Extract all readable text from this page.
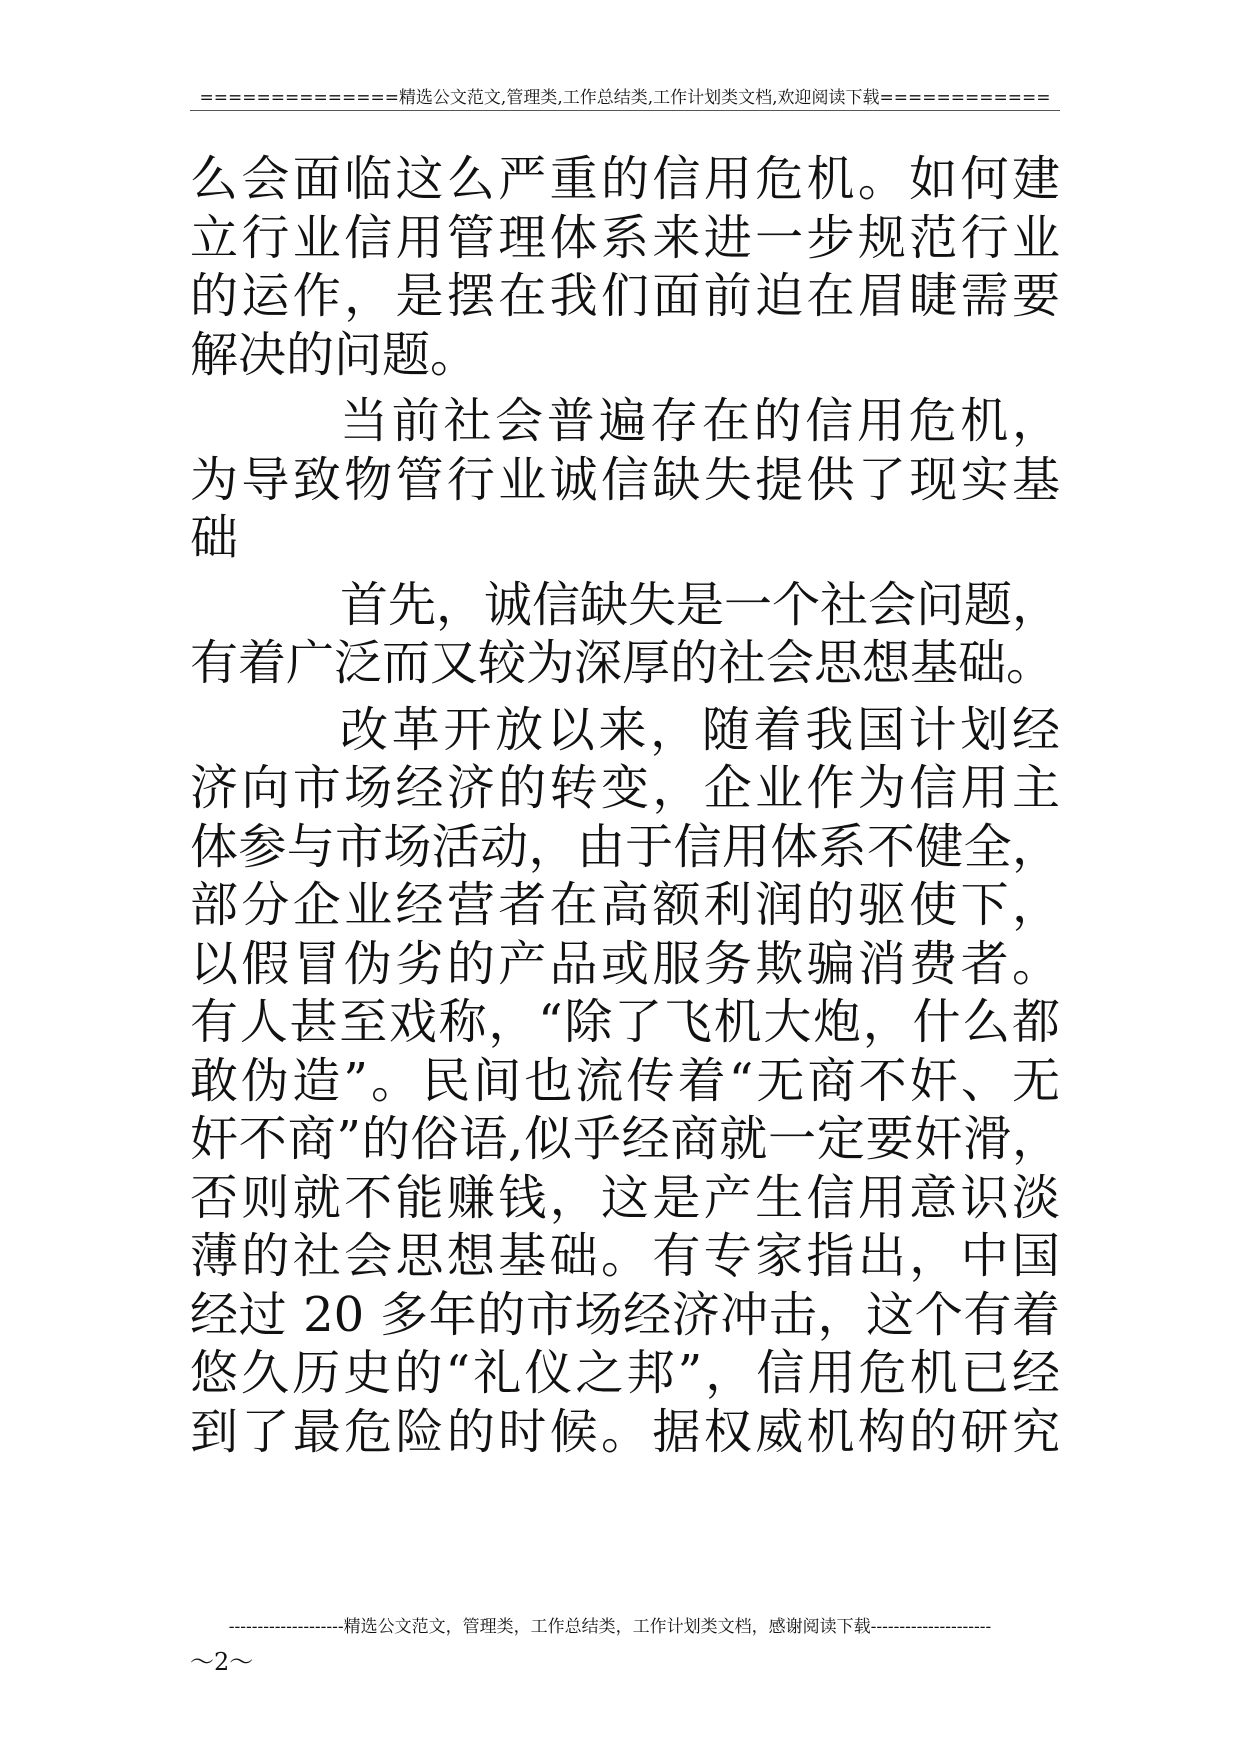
==============精选公文范文,管理类,工作总结类,工作计划类文档,欢迎阅读下载============
么会面临这么严重的信用危机。如何建
立行业信用管理体系来进一步规范行业
的运作，是摆在我们面前迫在眉睫需要
解决的问题。
当前社会普遍存在的信用危机，
为导致物管行业诚信缺失提供了现实基
础
首先，诚信缺失是一个社会问题，
有着广泛而又较为深厚的社会思想基础。
改革开放以来，随着我国计划经
济向市场经济的转变，企业作为信用主
体参与市场活动，由于信用体系不健全，
部分企业经营者在高额利润的驱使下，
以假冒伪劣的产品或服务欺骗消费者。
有人甚至戏称，“除了飞机大炮，什么都
敢伪造”。民间也流传着“无商不奸、无
奸不商”的俗语,似乎经商就一定要奸滑，
否则就不能赚钱，这是产生信用意识淡
薄的社会思想基础。有专家指出，中国
经过 20 多年的市场经济冲击，这个有着
悠久历史的“礼仪之邦”，信用危机已经
到了最危险的时候。据权威机构的研究
--------------------精选公文范文，管理类，工作总结类，工作计划类文档，感谢阅读下载---------------------
～2～
